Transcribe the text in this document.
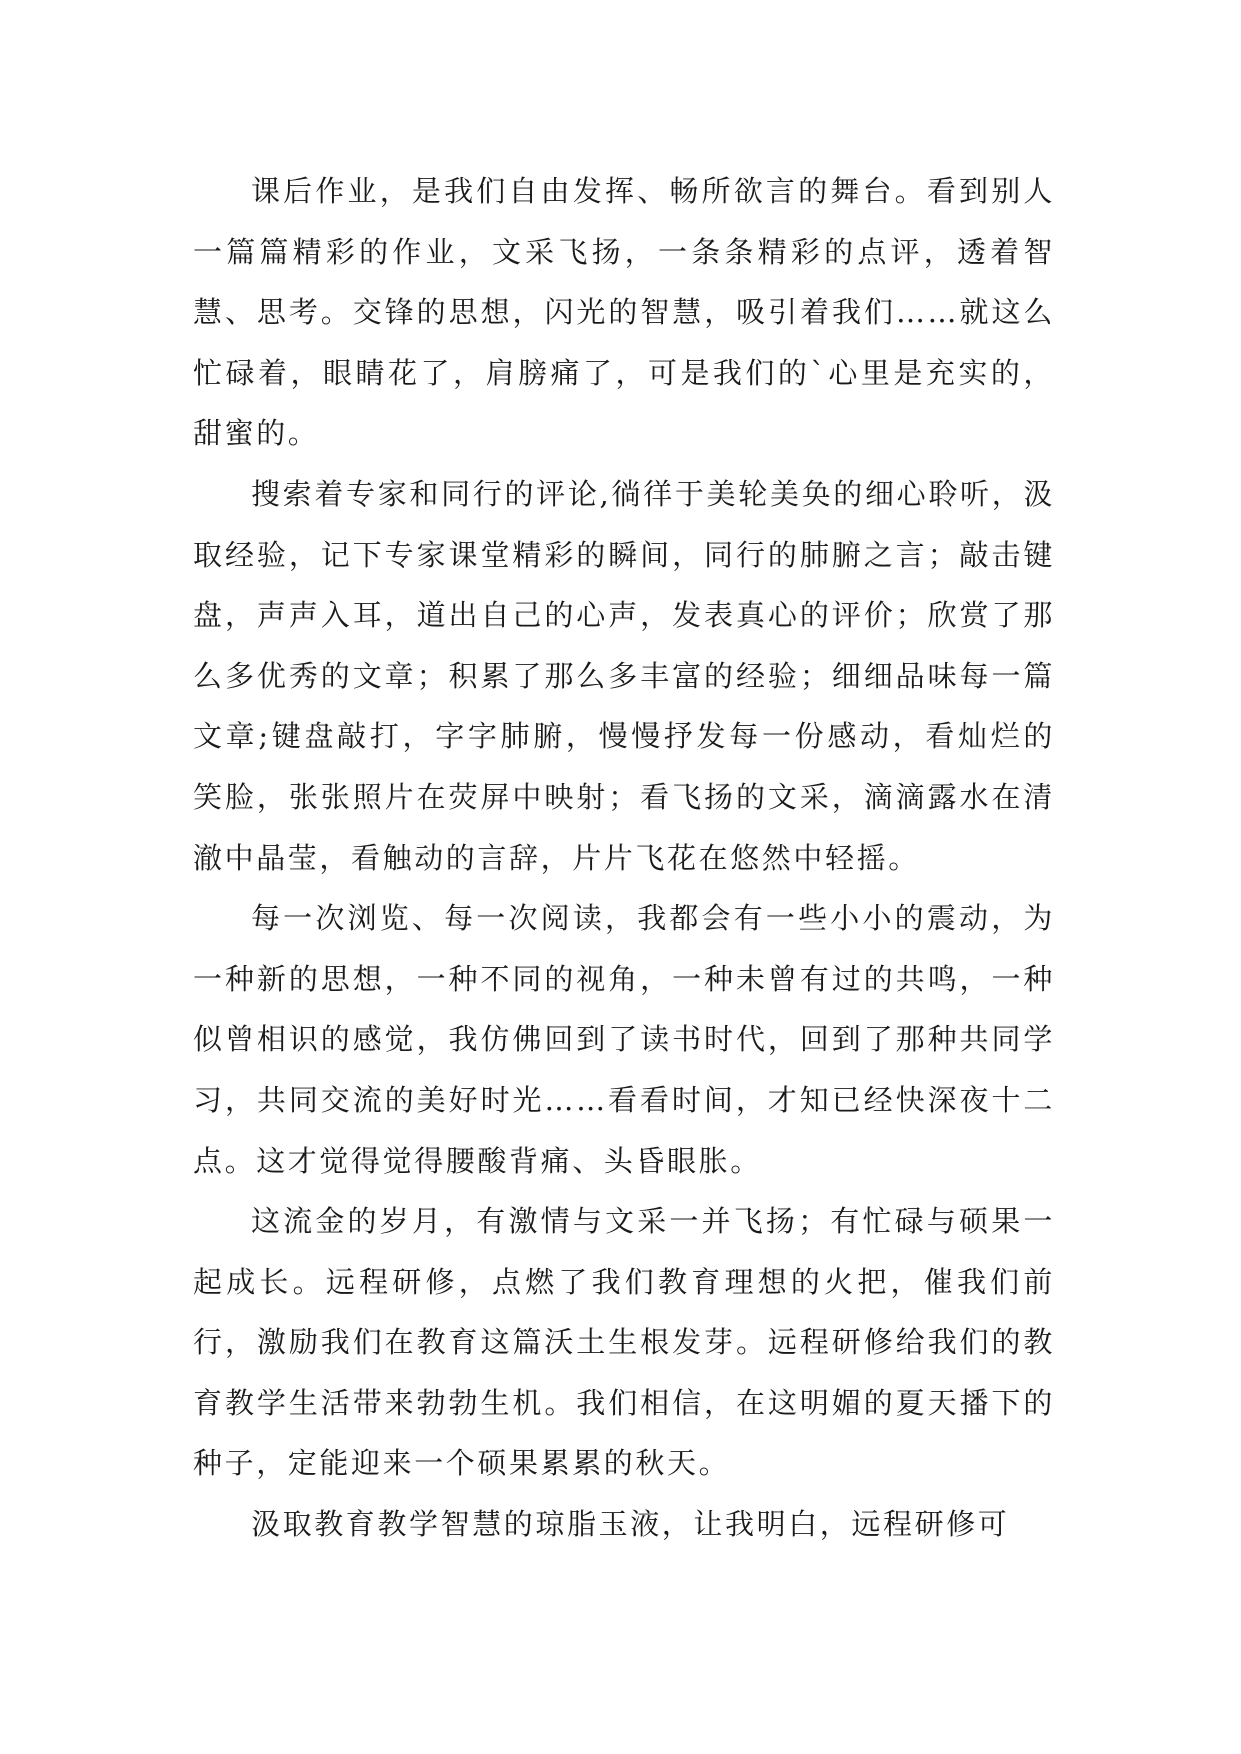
课后作业，是我们自由发挥、畅所欲言的舞台。看到别人一篇篇精彩的作业，文采飞扬，一条条精彩的点评，透着智慧、思考。交锋的思想，闪光的智慧，吸引着我们……就这么忙碌着，眼睛花了，肩膀痛了，可是我们的`心里是充实的，甜蜜的。

搜索着专家和同行的评论,徜徉于美轮美奂的细心聆听，汲取经验，记下专家课堂精彩的瞬间，同行的肺腑之言；敲击键盘，声声入耳，道出自己的心声，发表真心的评价；欣赏了那么多优秀的文章；积累了那么多丰富的经验；细细品味每一篇文章;键盘敲打，字字肺腑，慢慢抒发每一份感动，看灿烂的笑脸，张张照片在荧屏中映射；看飞扬的文采，滴滴露水在清澈中晶莹，看触动的言辞，片片飞花在悠然中轻摇。

每一次浏览、每一次阅读，我都会有一些小小的震动，为一种新的思想，一种不同的视角，一种未曾有过的共鸣，一种似曾相识的感觉，我仿佛回到了读书时代，回到了那种共同学习，共同交流的美好时光……看看时间，才知已经快深夜十二点。这才觉得觉得腰酸背痛、头昏眼胀。

这流金的岁月，有激情与文采一并飞扬；有忙碌与硕果一起成长。远程研修，点燃了我们教育理想的火把，催我们前行，激励我们在教育这篇沃土生根发芽。远程研修给我们的教育教学生活带来勃勃生机。我们相信，在这明媚的夏天播下的种子，定能迎来一个硕果累累的秋天。

汲取教育教学智慧的琼脂玉液，让我明白，远程研修可
